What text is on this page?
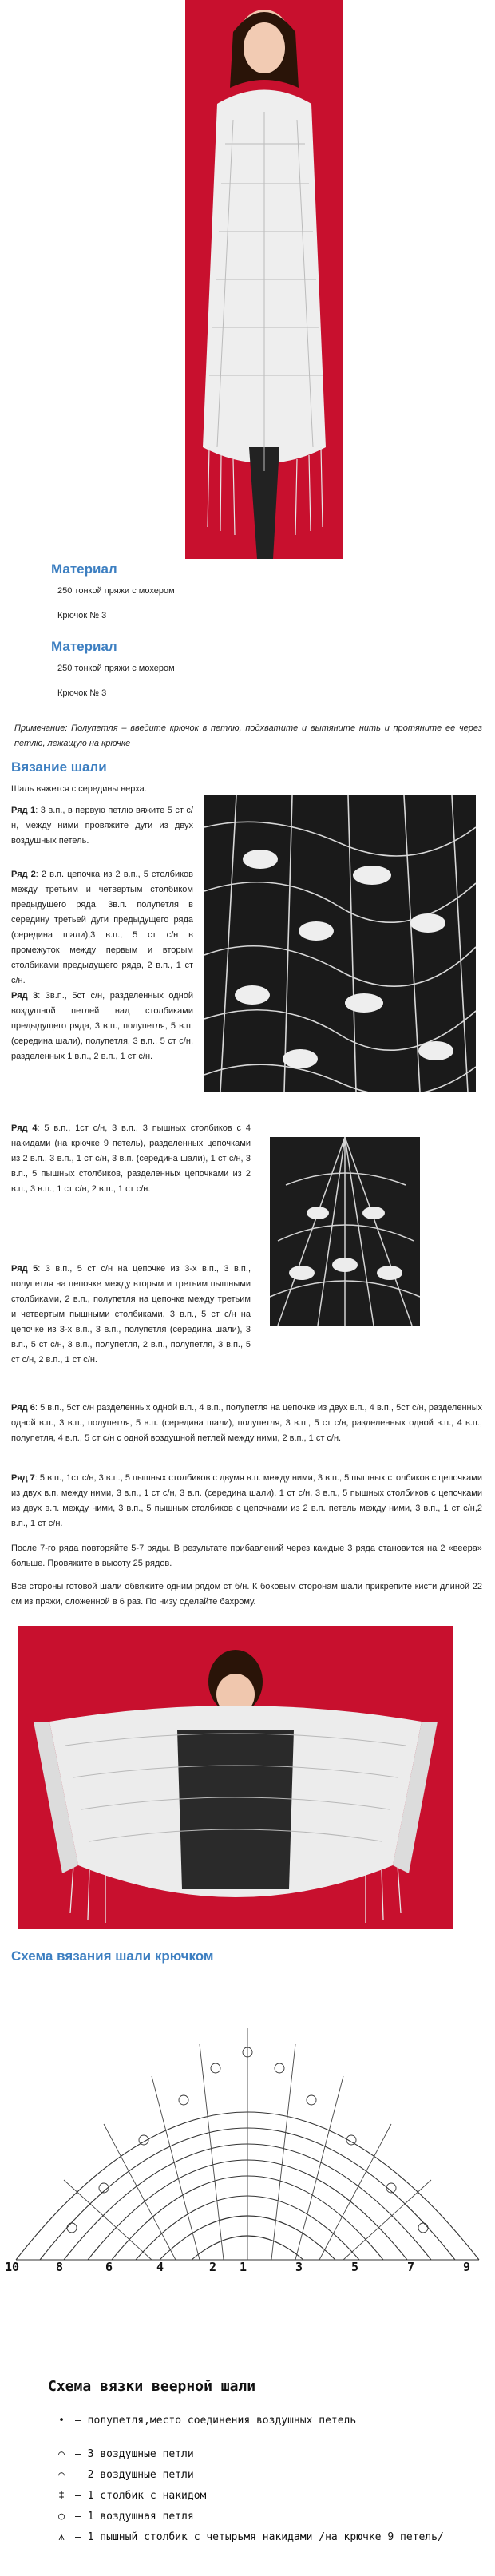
Материал
250 тонкой пряжи с мохером
Крючок № 3
Материал
250 тонкой пряжи с мохером
Крючок № 3
Примечание: Полупетля – введите крючок в петлю, подхватите и вытяните нить и протяните ее через петлю, лежащую на крючке
Вязание шали
Шаль вяжется с середины верха.
Ряд 1: 3 в.п., в первую петлю вяжите 5 ст с/н, между ними провяжите дуги из двух воздушных петель.
Ряд 2: 2 в.п. цепочка из 2 в.п., 5 столбиков между третьим и четвертым столбиком предыдущего ряда, 3в.п. полупетля в середину третьей дуги предыдущего ряда (середина шали),3 в.п., 5 ст с/н в промежуток между первым и вторым столбиками предыдущего ряда, 2 в.п., 1 ст с/н.
Ряд 3: 3в.п., 5ст с/н, разделенных одной воздушной петлей над столбиками предыдущего ряда, 3 в.п., полупетля, 5 в.п. (середина шали), полупетля, 3 в.п., 5 ст с/н, разделенных 1 в.п., 2 в.п., 1 ст с/н.
Ряд 4: 5 в.п., 1ст с/н, 3 в.п., 3 пышных столбиков с 4 накидами (на крючке 9 петель), разделенных цепочками из 2 в.п., 3 в.п., 1 ст с/н, 3 в.п. (середина шали), 1 ст с/н, 3 в.п., 5 пышных столбиков, разделенных цепочками из 2 в.п., 3 в.п., 1 ст с/н, 2 в.п., 1 ст с/н.
Ряд 5: 3 в.п., 5 ст с/н на цепочке из 3-х в.п., 3 в.п., полупетля на цепочке между вторым и третьим пышными столбиками, 2 в.п., полупетля на цепочке между третьим и четвертым пышными столбиками, 3 в.п., 5 ст с/н на цепочке из 3-х в.п., 3 в.п., полупетля (середина шали), 3 в.п., 5 ст с/н, 3 в.п., полупетля, 2 в.п., полупетля, 3 в.п., 5 ст с/н, 2 в.п., 1 ст с/н.
Ряд 6: 5 в.п., 5ст с/н разделенных одной в.п., 4 в.п., полупетля на цепочке из двух в.п., 4 в.п., 5ст с/н, разделенных одной в.п., 3 в.п., полупетля, 5 в.п. (середина шали), полупетля, 3 в.п., 5 ст с/н, разделенных одной в.п., 4 в.п., полупетля, 4 в.п., 5 ст с/н с одной воздушной петлей между ними, 2 в.п., 1 ст с/н.
Ряд 7: 5 в.п., 1ст с/н, 3 в.п., 5 пышных столбиков с двумя в.п. между ними, 3 в.п., 5 пышных столбиков с цепочками из двух в.п. между ними, 3 в.п., 1 ст с/н, 3 в.п. (середина шали), 1 ст с/н, 3 в.п., 5 пышных столбиков с цепочками из двух в.п. между ними, 3 в.п., 5 пышных столбиков с цепочками из 2 в.п. петель между ними, 3 в.п., 1 ст с/н,2 в.п., 1 ст с/н.
После 7-го ряда повторяйте 5-7 ряды. В результате прибавлений через каждые 3 ряда становится на 2 «веера» больше. Провяжите в высоту 25 рядов.
Все стороны готовой шали обвяжите одним рядом ст б/н. К боковым сторонам шали прикрепите кисти длиной 22 см из пряжи, сложенной в 6 раз. По низу сделайте бахрому.
Схема вязания шали крючком
10	8	6	4	2 1	3	5	7	9
Схема вязки веерной шали
• – полупетля,место соединения воздушных петель
⌒ – 3 воздушные петли
⌒ – 2 воздушные петли
‡ – 1 столбик с накидом
○ – 1 воздушная петля
⩚ – 1 пышный столбик с четырьмя накидами /на крючке 9 петель/
